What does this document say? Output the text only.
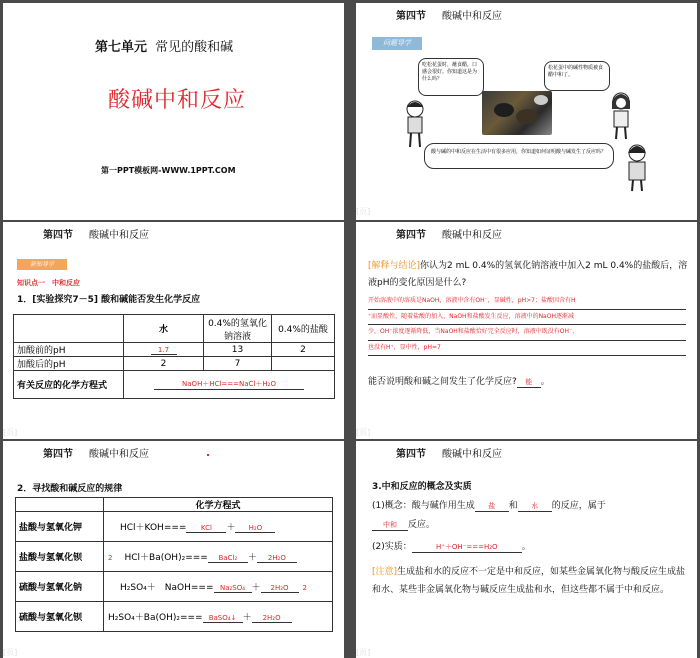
第七单元 常见的酸和碱
酸碱中和反应
第一PPT模板网-WWW.1PPT.COM
第四节 酸碱中和反应
问题导学
吃松花蛋时，蘸食醋，口感会很好。你知道这是为什么吗？
松花蛋中的碱性物质被食醋中和了。
酸与碱的中和反应在生活中有很多应用，你知道如何证明酸与碱发生了反应吗？
第四节 酸碱中和反应
新知导学
知识点一　中和反应
1．[实验探究7－5] 酸和碱能否发生化学反应
	水	0.4%的氢氧化钠溶液	0.4%的盐酸
加酸前的pH	1.7	13	2
加酸后的pH	2	7	
有关反应的化学方程式	NaOH＋HCl===NaCl＋H₂O		
第四节 酸碱中和反应
[解释与结论]你认为2 mL 0.4%的氢氧化钠溶液中加入2 mL 0.4%的盐酸后，溶液pH的变化原因是什么?
开始溶液中的溶质是NaOH，溶液中含有OH⁻，显碱性，pH>7；盐酸因含有H
⁺而显酸性，随着盐酸的加入，NaOH和盐酸发生反应，溶液中的NaOH逐渐减
少，OH⁻浓度逐渐降低，当NaOH和盐酸恰好完全反应时，溶液中既没有OH⁻，
也没有H⁺，显中性，pH=7
能否说明酸和碱之间发生了化学反应? 能 。
第四节 酸碱中和反应
2．寻找酸和碱反应的规律
	化学方程式
盐酸与氢氧化钾	HCl＋KOH=== KCl ＋ H₂O
盐酸与氢氧化钡	2 HCl＋Ba(OH)₂=== BaCl₂ ＋ 2H₂O
硫酸与氢氧化钠	H₂SO₄＋　NaOH=== Na₂SO₄ ＋ 2H₂O 2
硫酸与氢氧化钡	H₂SO₄＋Ba(OH)₂=== BaSO₄↓ ＋ 2H₂O
第四节 酸碱中和反应
3.中和反应的概念及实质
(1)概念：酸与碱作用生成 盐 和 水 的反应，属于
中和 反应。
(2)实质：	H⁺＋OH⁻===H₂O	。
[注意]生成盐和水的反应不一定是中和反应，如某些金属氧化物与酸反应生成盐和水、某些非金属氧化物与碱反应生成盐和水，但这些都不属于中和反应。
1	2
3	4
5	6
[页]
[页]	[页]
[页]	[页]
